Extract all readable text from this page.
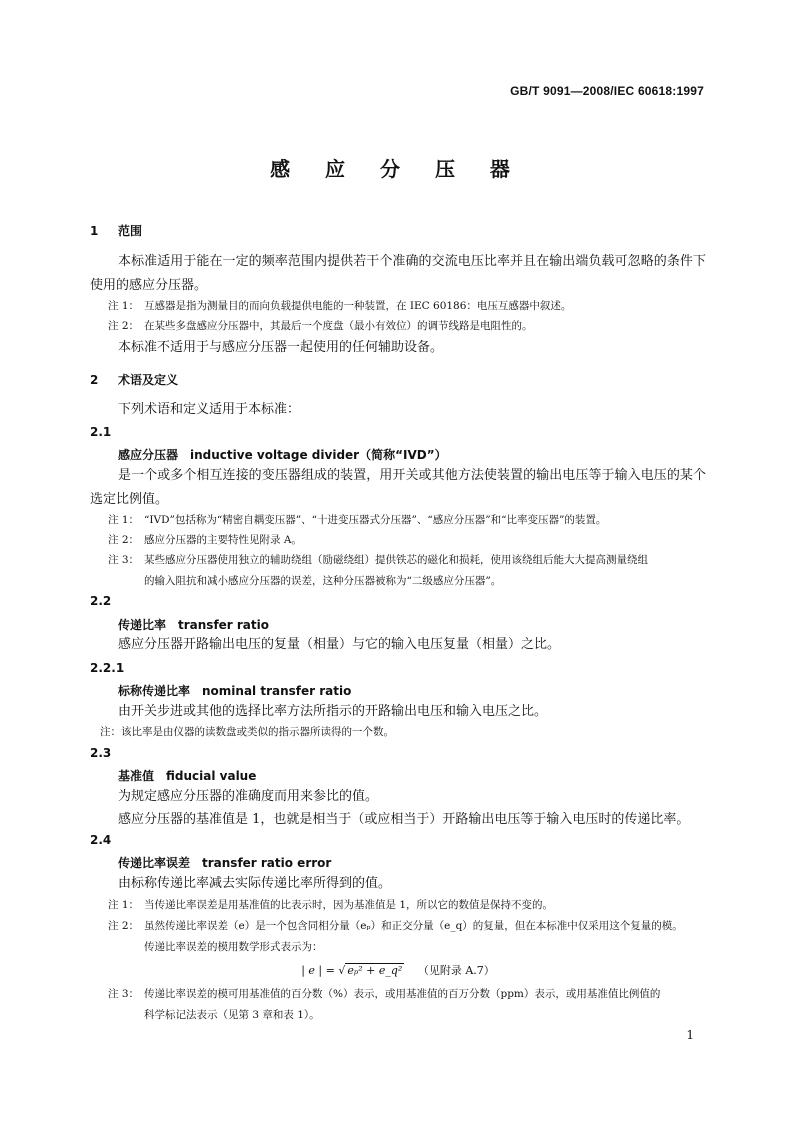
GB/T 9091—2008/IEC 60618:1997
感 应 分 压 器
1 范围
本标准适用于能在一定的频率范围内提供若干个准确的交流电压比率并且在输出端负载可忽略的条件下使用的感应分压器。
注 1： 互感器是指为测量目的而向负载提供电能的一种装置，在 IEC 60186：电压互感器中叙述。
注 2： 在某些多盘感应分压器中，其最后一个度盘（最小有效位）的调节线路是电阻性的。
本标准不适用于与感应分压器一起使用的任何辅助设备。
2 术语及定义
下列术语和定义适用于本标准：
2.1
感应分压器　inductive voltage divider（简称“IVD”）
是一个或多个相互连接的变压器组成的装置，用开关或其他方法使装置的输出电压等于输入电压的某个选定比例值。
注 1： “IVD”包括称为“精密自耦变压器”、“十进变压器式分压器”、“感应分压器”和“比率变压器”的装置。
注 2： 感应分压器的主要特性见附录 A。
注 3： 某些感应分压器使用独立的辅助绕组（励磁绕组）提供铁芯的磁化和损耗，使用该绕组后能大大提高测量绕组
的输入阻抗和减小感应分压器的误差，这种分压器被称为“二级感应分压器”。
2.2
传递比率　transfer ratio
感应分压器开路输出电压的复量（相量）与它的输入电压复量（相量）之比。
2.2.1
标称传递比率　nominal transfer ratio
由开关步进或其他的选择比率方法所指示的开路输出电压和输入电压之比。
注：该比率是由仪器的读数盘或类似的指示器所读得的一个数。
2.3
基准值　fiducial value
为规定感应分压器的准确度而用来参比的值。
感应分压器的基准值是 1，也就是相当于（或应相当于）开路输出电压等于输入电压时的传递比率。
2.4
传递比率误差　transfer ratio error
由标称传递比率减去实际传递比率所得到的值。
注 1： 当传递比率误差是用基准值的比表示时，因为基准值是 1，所以它的数值是保持不变的。
注 2： 虽然传递比率误差（e）是一个包含同相分量（eₚ）和正交分量（e_q）的复量，但在本标准中仅采用这个复量的模。
传递比率误差的模用数学形式表示为：
| e | = √ eₚ² + e_q² （见附录 A.7）
注 3： 传递比率误差的模可用基准值的百分数（%）表示，或用基准值的百万分数（ppm）表示，或用基准值比例值的
科学标记法表示（见第 3 章和表 1）。
1
